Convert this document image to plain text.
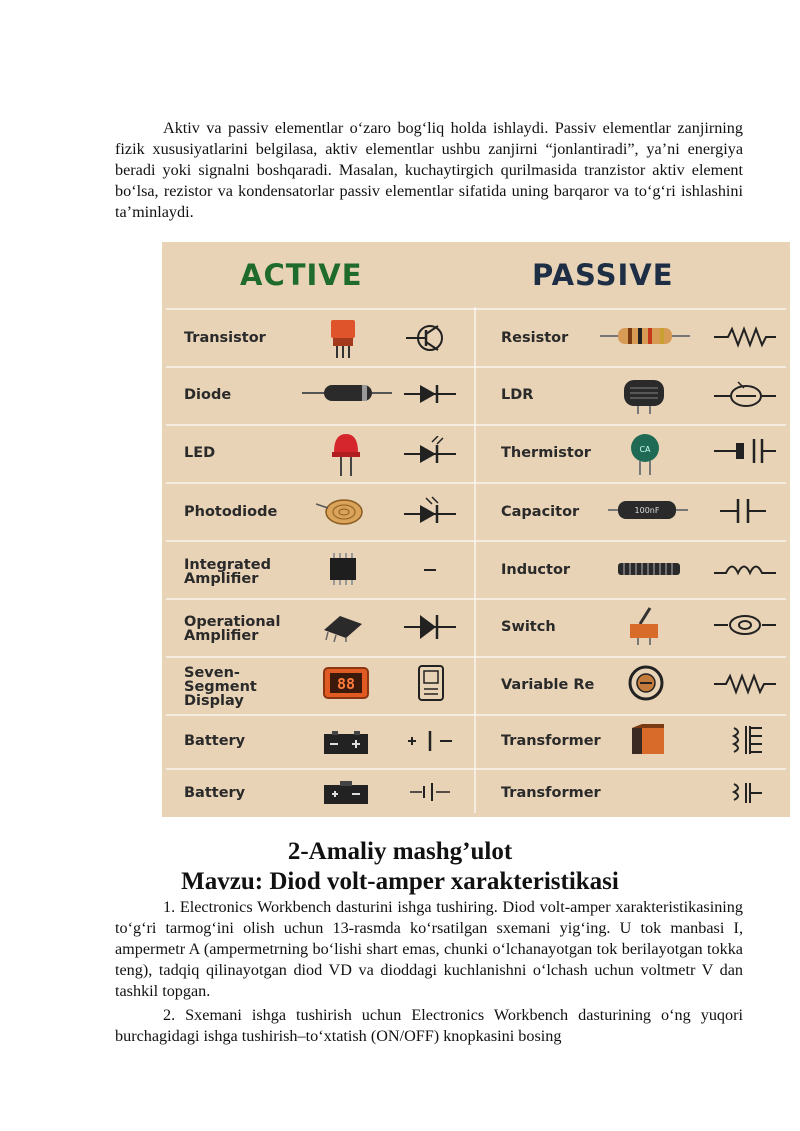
Aktiv va passiv elementlar o‘zaro bog‘liq holda ishlaydi. Passiv elementlar zanjirning fizik xususiyatlarini belgilasa, aktiv elementlar ushbu zanjirni “jonlantiradi”, ya’ni energiya beradi yoki signalni boshqaradi. Masalan, kuchaytirgich qurilmasida tranzistor aktiv element bo‘lsa, rezistor va kondensatorlar passiv elementlar sifatida uning barqaror va to‘g‘ri ishlashini ta’minlaydi.

ACTIVE	PASSIVE
Transistor
Diode
LED
Photodiode
Integrated Amplifier
Operational Amplifier
Seven-Segment Display
Battery
Battery
Resistor
LDR
Thermistor
Capacitor
Inductor
Switch
Variable Re
Transformer
Transformer
88
CA
100nF
2-Amaliy mashg’ulot
Mavzu: Diod volt-amper xarakteristikasi

1. Electronics Workbench dasturini ishga tushiring. Diod volt-amper xarakteristikasining to‘g‘ri tarmog‘ini olish uchun 13-rasmda ko‘rsatilgan sxemani yig‘ing. U tok manbasi I, ampermetr A (ampermetrning bo‘lishi shart emas, chunki o‘lchanayotgan tok berilayotgan tokka teng), tadqiq qilinayotgan diod VD va dioddagi kuchlanishni o‘lchash uchun voltmetr V dan tashkil topgan.

2. Sxemani ishga tushirish uchun Electronics Workbench dasturining o‘ng yuqori burchagidagi ishga tushirish–to‘xtatish (ON/OFF) knopkasini bosing
